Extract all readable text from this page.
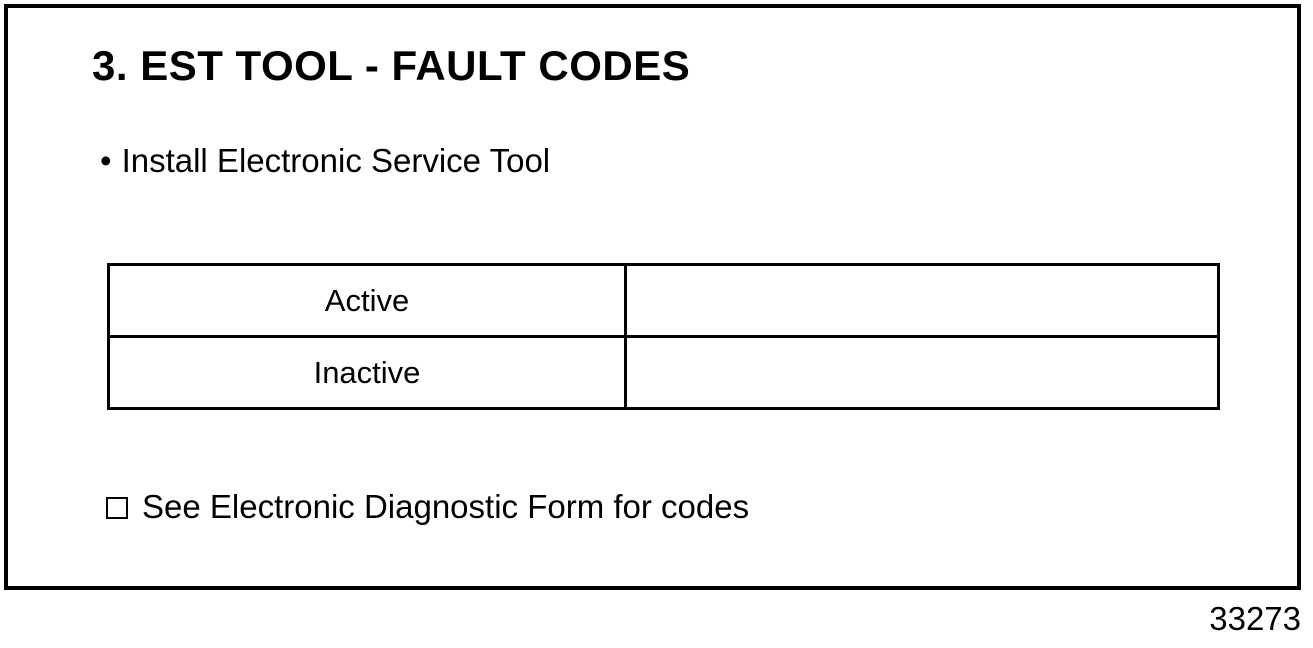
3. EST TOOL - FAULT CODES
• Install Electronic Service Tool
Active	
Inactive	
See Electronic Diagnostic Form for codes
33273
